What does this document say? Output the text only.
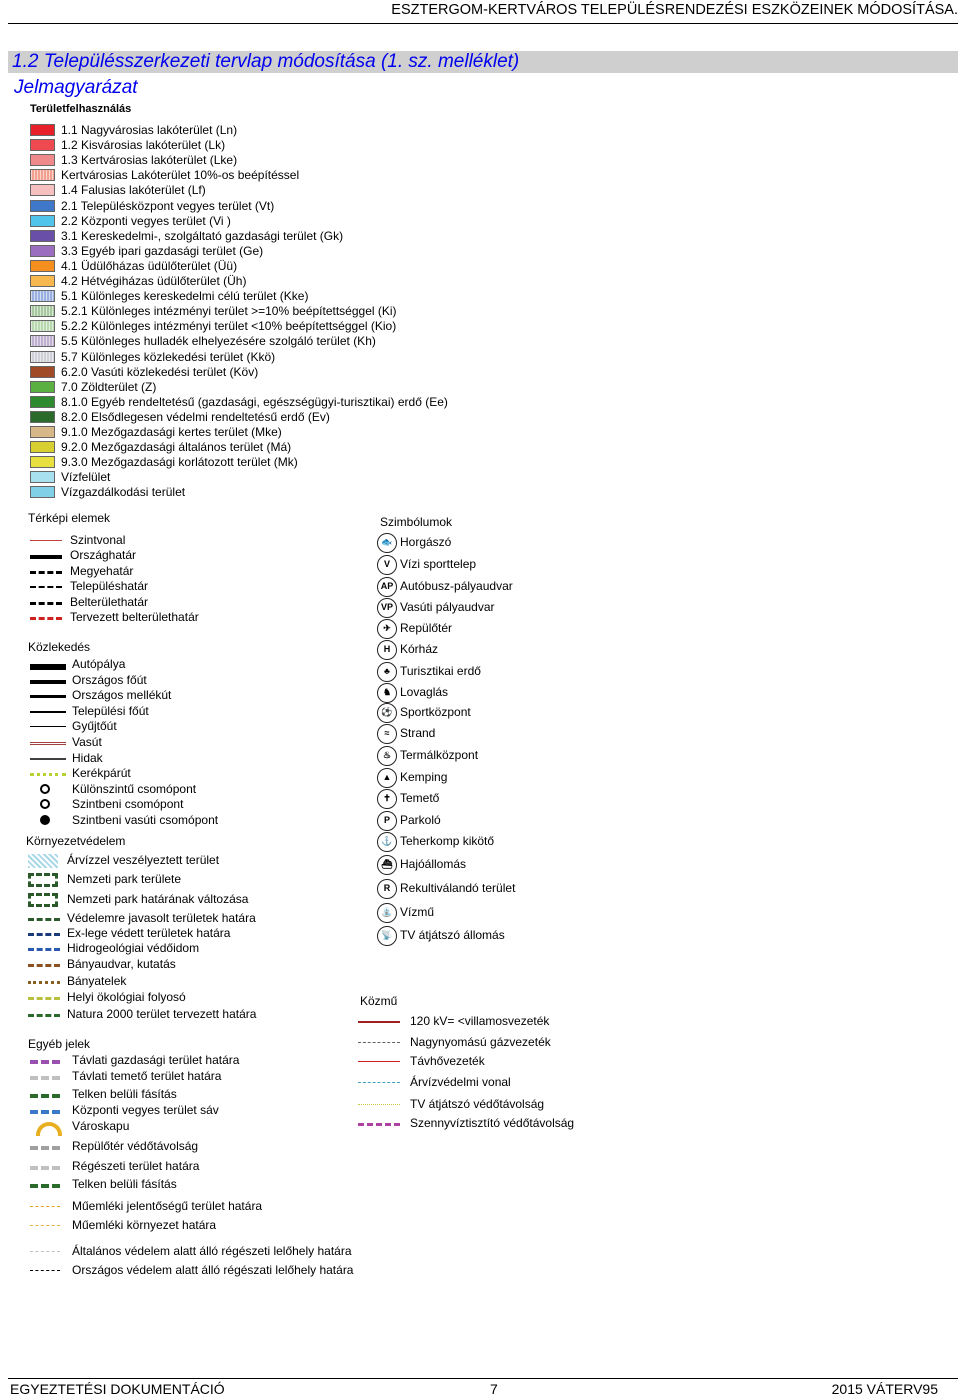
ESZTERGOM-KERTVÁROS TELEPÜLÉSRENDEZÉSI ESZKÖZEINEK MÓDOSÍTÁSA.
1.2 Településszerkezeti tervlap módosítása (1. sz. melléklet)
Jelmagyarázat
Területfelhasználás
1.1 Nagyvárosias lakóterület (Ln)
1.2 Kisvárosias lakóterület (Lk)
1.3 Kertvárosias lakóterület (Lke)
Kertvárosias Lakóterület 10%-os beépítéssel
1.4 Falusias lakóterület (Lf)
2.1 Településközpont vegyes terület (Vt)
2.2 Központi vegyes terület (Vi )
3.1 Kereskedelmi-, szolgáltató gazdasági terület (Gk)
3.3 Egyéb ipari gazdasági terület (Ge)
4.1 Üdülőházas üdülőterület (Üü)
4.2 Hétvégiházas üdülőterület (Üh)
5.1 Különleges kereskedelmi célú terület (Kke)
5.2.1 Különleges intézményi terület >=10% beépítettséggel (Ki)
5.2.2 Különleges intézményi terület <10% beépítettséggel (Kio)
5.5 Különleges hulladék elhelyezésére szolgáló terület (Kh)
5.7 Különleges közlekedési terület (Kkö)
6.2.0 Vasúti közlekedési terület (Köv)
7.0 Zöldterület (Z)
8.1.0 Egyéb rendeltetésű (gazdasági, egészségügyi-turisztikai) erdő (Ee)
8.2.0 Elsődlegesen védelmi rendeltetésű erdő (Ev)
9.1.0 Mezőgazdasági kertes terület (Mke)
9.2.0 Mezőgazdasági általános terület (Má)
9.3.0 Mezőgazdasági korlátozott terület (Mk)
Vízfelület
Vízgazdálkodási terület
Térképi elemek
Szintvonal
Országhatár
Megyehatár
Településhatár
Belterülethatár
Tervezett belterülethatár
Közlekedés
Autópálya
Országos főút
Országos mellékút
Települési főút
Gyűjtőút
Vasút
Hidak
Kerékpárút
Különszintű csomópont
Szintbeni csomópont
Szintbeni vasúti csomópont
Környezetvédelem
Árvízzel veszélyeztett terület
Nemzeti park területe
Nemzeti park határának változása
Védelemre javasolt területek határa
Ex-lege védett területek határa
Hidrogeológiai védőidom
Bányaudvar, kutatás
Bányatelek
Helyi ökológiai folyosó
Natura 2000 terület tervezett határa
Egyéb jelek
Távlati gazdasági terület határa
Távlati temető terület határa
Telken belüli fásítás
Központi vegyes terület sáv
Városkapu
Repülőtér védőtávolság
Régészeti terület határa
Telken belüli fásítás
Műemléki jelentőségű terület határa
Műemléki környezet határa
Általános védelem alatt álló régészeti lelőhely határa
Országos védelem alatt álló régészati lelőhely határa
Szimbólumok
🐟 Horgászó
V Vízi sporttelep
AP Autóbusz-pályaudvar
VP Vasúti pályaudvar
✈ Repülőtér
H Kórház
♣ Turisztikai erdő
♞ Lovaglás
⚽ Sportközpont
≈ Strand
♨ Termálközpont
▲ Kemping
✝ Temető
P Parkoló
⚓ Teherkomp kikötő
⛴ Hajóállomás
R Rekultiválandó terület
⛲ Vízmű
📡 TV átjátszó állomás
Közmű
120 kV= <villamosvezeték
Nagynyomású gázvezeték
Távhővezeték
Árvízvédelmi vonal
TV átjátszó védőtávolság
Szennyvíztisztító védőtávolság
EGYEZTETÉSI DOKUMENTÁCIÓ	7	2015 VÁTERV95
